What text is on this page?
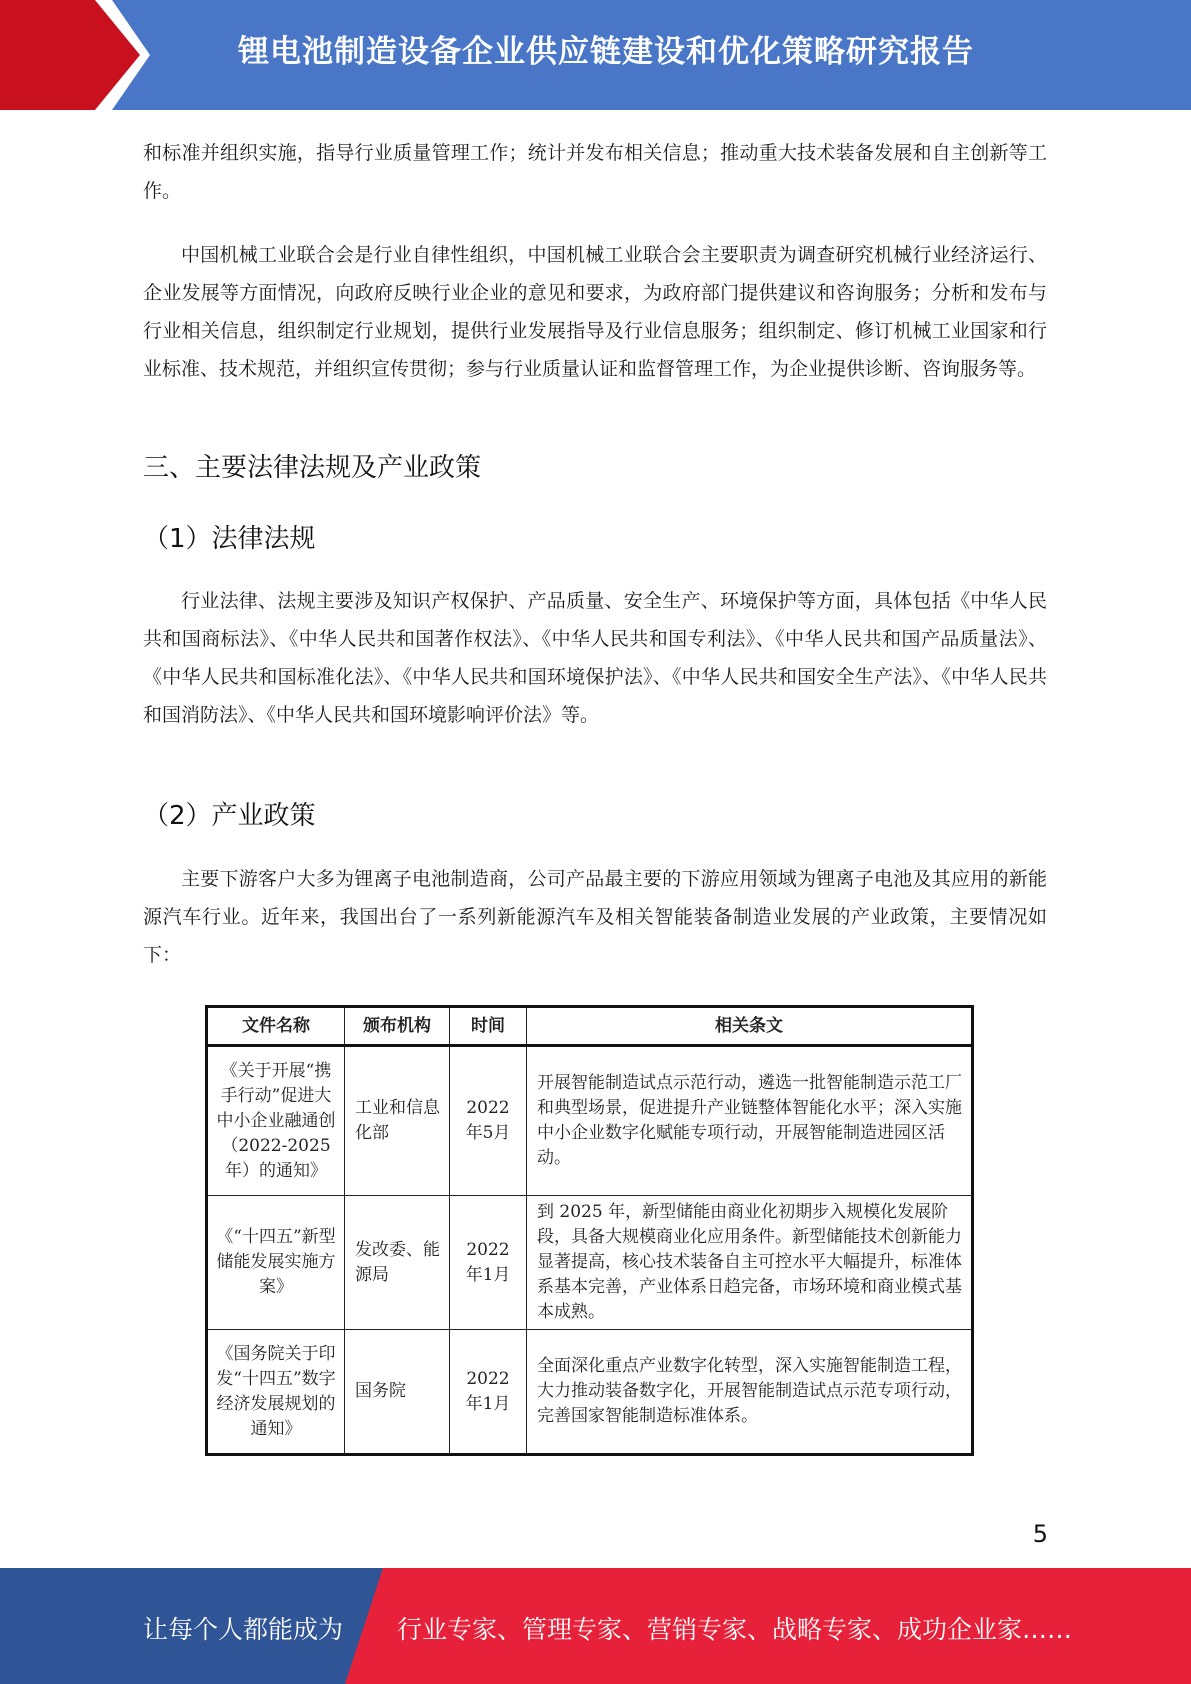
锂电池制造设备企业供应链建设和优化策略研究报告

和标准并组织实施，指导行业质量管理工作；统计并发布相关信息；推动重大技术装备发展和自主创新等工作。

中国机械工业联合会是行业自律性组织，中国机械工业联合会主要职责为调查研究机械行业经济运行、企业发展等方面情况，向政府反映行业企业的意见和要求，为政府部门提供建议和咨询服务；分析和发布与行业相关信息，组织制定行业规划，提供行业发展指导及行业信息服务；组织制定、修订机械工业国家和行业标准、技术规范，并组织宣传贯彻；参与行业质量认证和监督管理工作，为企业提供诊断、咨询服务等。

三、主要法律法规及产业政策
（1）法律法规

行业法律、法规主要涉及知识产权保护、产品质量、安全生产、环境保护等方面，具体包括《中华人民共和国商标法》、《中华人民共和国著作权法》、《中华人民共和国专利法》、《中华人民共和国产品质量法》、《中华人民共和国标准化法》、《中华人民共和国环境保护法》、《中华人民共和国安全生产法》、《中华人民共和国消防法》、《中华人民共和国环境影响评价法》等。

（2）产业政策

主要下游客户大多为锂离子电池制造商，公司产品最主要的下游应用领域为锂离子电池及其应用的新能源汽车行业。近年来，我国出台了一系列新能源汽车及相关智能装备制造业发展的产业政策，主要情况如下：

文件名称	颁布机构	时间	相关条文
《关于开展“携手行动”促进大中小企业融通创（2022-2025年）的通知》	工业和信息化部	2022年5月	开展智能制造试点示范行动，遴选一批智能制造示范工厂和典型场景，促进提升产业链整体智能化水平；深入实施中小企业数字化赋能专项行动，开展智能制造进园区活动。
《“十四五”新型储能发展实施方案》	发改委、能源局	2022年1月	到 2025 年，新型储能由商业化初期步入规模化发展阶段，具备大规模商业化应用条件。新型储能技术创新能力显著提高，核心技术装备自主可控水平大幅提升，标准体系基本完善，产业体系日趋完备，市场环境和商业模式基本成熟。
《国务院关于印发“十四五”数字经济发展规划的通知》	国务院	2022年1月	全面深化重点产业数字化转型，深入实施智能制造工程，大力推动装备数字化，开展智能制造试点示范专项行动，完善国家智能制造标准体系。
5
让每个人都能成为 行业专家、管理专家、营销专家、战略专家、成功企业家……
